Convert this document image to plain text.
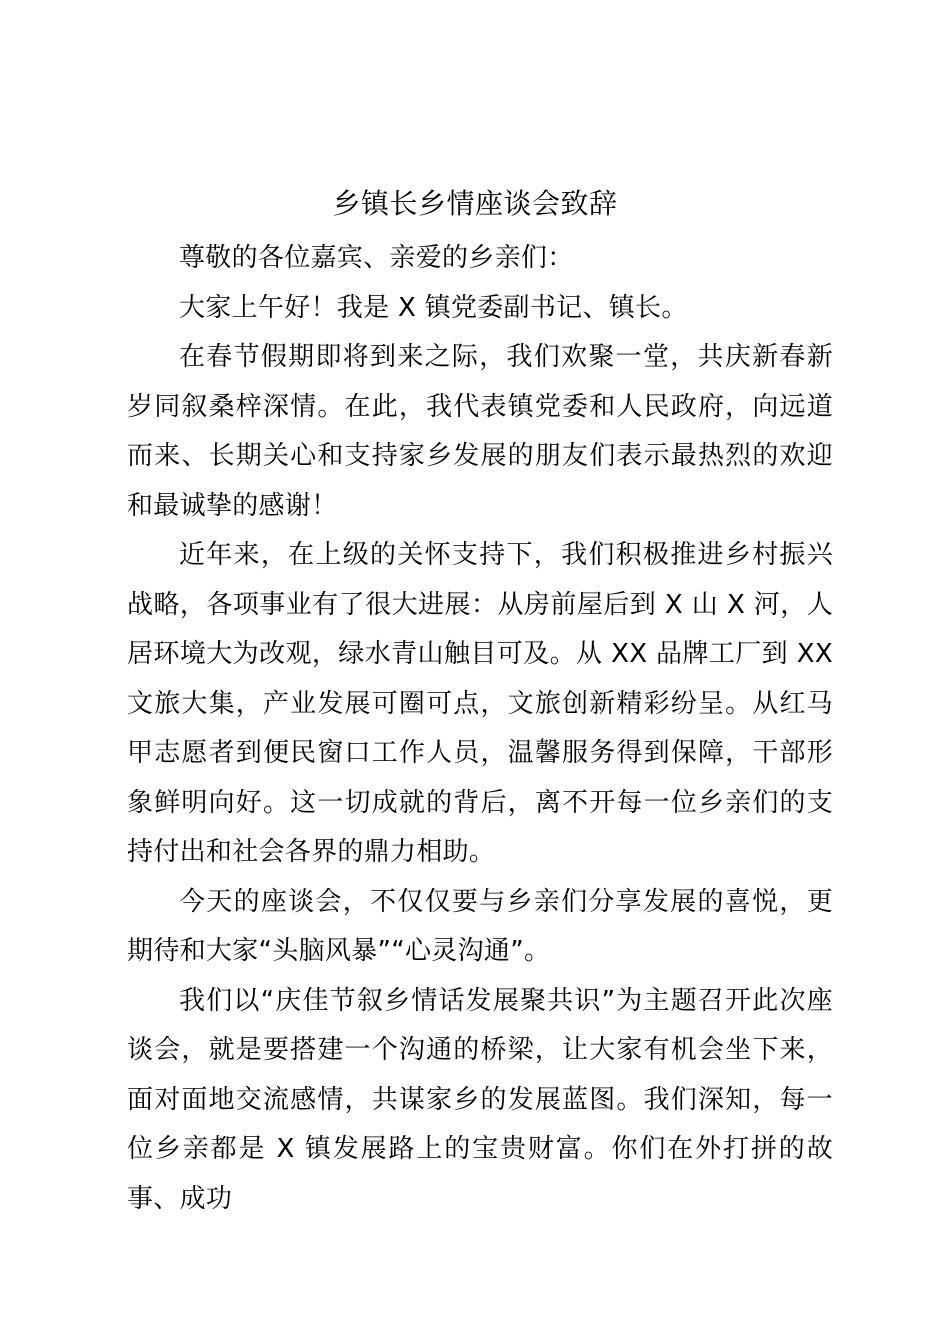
乡镇长乡情座谈会致辞

尊敬的各位嘉宾、亲爱的乡亲们：

大家上午好！我是 X 镇党委副书记、镇长。

在春节假期即将到来之际，我们欢聚一堂，共庆新春新岁同叙桑梓深情。在此，我代表镇党委和人民政府，向远道而来、长期关心和支持家乡发展的朋友们表示最热烈的欢迎和最诚挚的感谢！

近年来，在上级的关怀支持下，我们积极推进乡村振兴战略，各项事业有了很大进展：从房前屋后到 X 山 X 河，人居环境大为改观，绿水青山触目可及。从 XX 品牌工厂到 XX 文旅大集，产业发展可圈可点，文旅创新精彩纷呈。从红马甲志愿者到便民窗口工作人员，温馨服务得到保障，干部形象鲜明向好。这一切成就的背后，离不开每一位乡亲们的支持付出和社会各界的鼎力相助。

今天的座谈会，不仅仅要与乡亲们分享发展的喜悦，更期待和大家“头脑风暴”“心灵沟通”。

我们以“庆佳节叙乡情话发展聚共识”为主题召开此次座谈会，就是要搭建一个沟通的桥梁，让大家有机会坐下来，面对面地交流感情，共谋家乡的发展蓝图。我们深知，每一位乡亲都是 X 镇发展路上的宝贵财富。你们在外打拼的故事、成功
